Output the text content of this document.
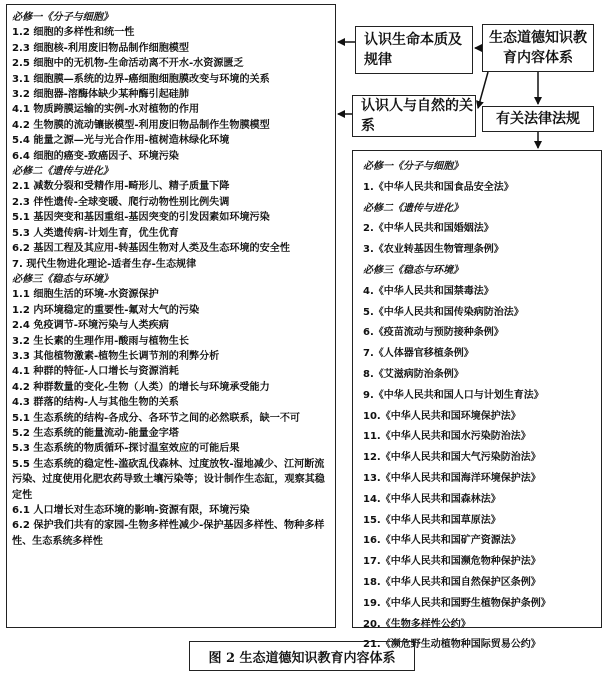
必修一《分子与细胞》
1.2 细胞的多样性和统一性
2.3 细胞核-利用废旧物品制作细胞模型
2.5 细胞中的无机物-生命活动离不开水-水资源匮乏
3.1 细胞膜—系统的边界-癌细胞细胞膜改变与环境的关系
3.2 细胞器-溶酶体缺少某种酶引起硅肺
4.1 物质跨膜运输的实例-水对植物的作用
4.2 生物膜的流动镶嵌模型-利用废旧物品制作生物膜模型
5.4 能量之源—光与光合作用-植树造林绿化环境
6.4 细胞的癌变-致癌因子、环境污染
必修二《遗传与进化》
2.1 减数分裂和受精作用-畸形儿、精子质量下降
2.3 伴性遗传-全球变暖、爬行动物性别比例失调
5.1 基因突变和基因重组-基因突变的引发因素如环境污染
5.3 人类遗传病-计划生育，优生优育
6.2 基因工程及其应用-转基因生物对人类及生态环境的安全性
7. 现代生物进化理论-适者生存-生态规律
必修三《稳态与环境》
1.1 细胞生活的环境-水资源保护
1.2 内环境稳定的重要性-氟对大气的污染
2.4 免疫调节-环境污染与人类疾病
3.2 生长素的生理作用-酸雨与植物生长
3.3 其他植物激素-植物生长调节剂的利弊分析
4.1 种群的特征-人口增长与资源消耗
4.2 种群数量的变化-生物（人类）的增长与环境承受能力
4.3 群落的结构-人与其他生物的关系
5.1 生态系统的结构-各成分、各环节之间的必然联系，缺一不可
5.2 生态系统的能量流动-能量金字塔
5.3 生态系统的物质循环-探讨温室效应的可能后果
5.5 生态系统的稳定性-滥砍乱伐森林、过度放牧-湿地减少、江河断流污染、过度使用化肥农药导致土壤污染等；设计制作生态缸，观察其稳定性
6.1 人口增长对生态环境的影响-资源有限，环境污染
6.2 保护我们共有的家园-生物多样性减少-保护基因多样性、物种多样性、生态系统多样性
认识生命本质及规律
生态道德知识教育内容体系
认识人与自然的关系	有关法律法规
必修一《分子与细胞》
1.《中华人民共和国食品安全法》
必修二《遗传与进化》
2.《中华人民共和国婚姻法》
3.《农业转基因生物管理条例》
必修三《稳态与环境》
4.《中华人民共和国禁毒法》
5.《中华人民共和国传染病防治法》
6.《疫苗流动与预防接种条例》
7.《人体器官移植条例》
8.《艾滋病防治条例》
9.《中华人民共和国人口与计划生育法》
10.《中华人民共和国环境保护法》
11.《中华人民共和国水污染防治法》
12.《中华人民共和国大气污染防治法》
13.《中华人民共和国海洋环境保护法》
14.《中华人民共和国森林法》
15.《中华人民共和国草原法》
16.《中华人民共和国矿产资源法》
17.《中华人民共和国濒危物种保护法》
18.《中华人民共和国自然保护区条例》
19.《中华人民共和国野生植物保护条例》
20.《生物多样性公约》
21.《濒危野生动植物种国际贸易公约》
图 2 生态道德知识教育内容体系
